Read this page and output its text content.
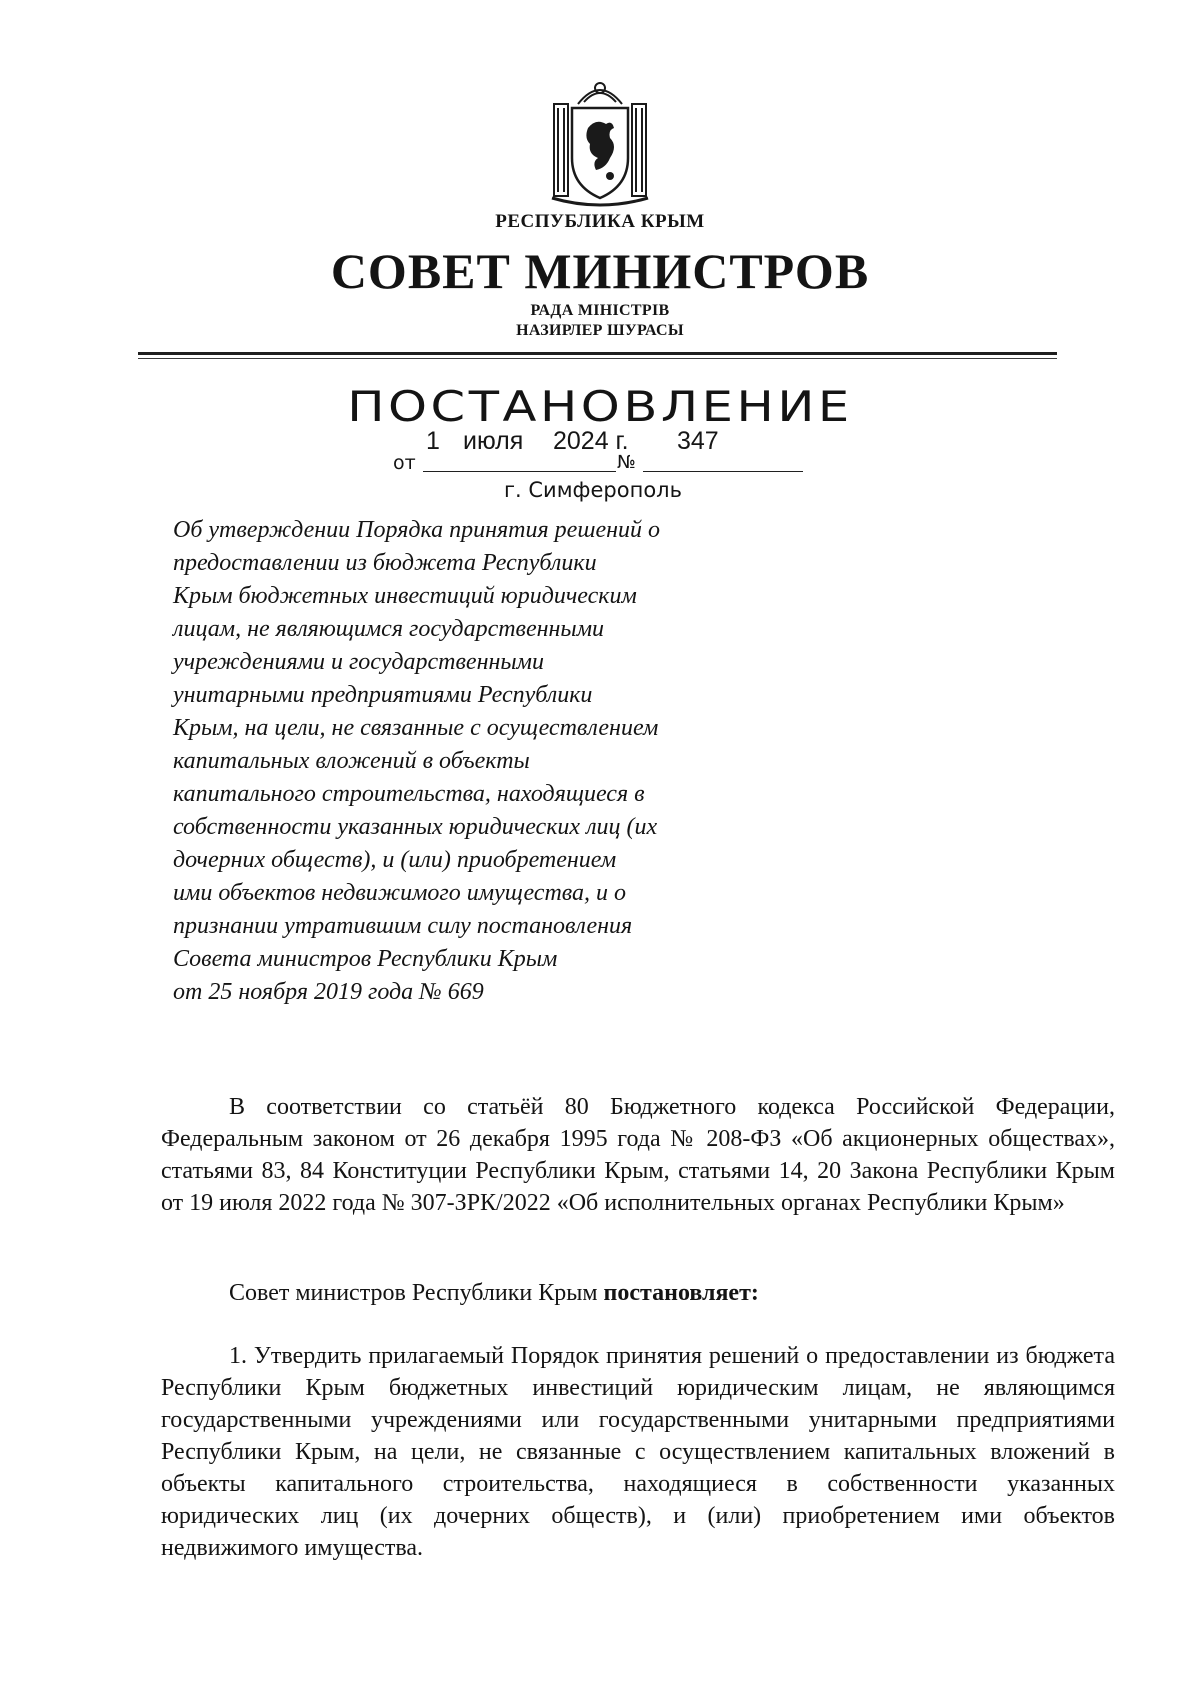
РЕСПУБЛИКА КРЫМ
СОВЕТ МИНИСТРОВ
РАДА МІНІСТРІВ
НАЗИРЛЕР ШУРАСЫ
ПОСТАНОВЛЕНИЕ
1 июля 2024 г. 347
от	№
г. Симферополь
Об утверждении Порядка принятия решений о
предоставлении из бюджета Республики
Крым бюджетных инвестиций юридическим
лицам, не являющимся государственными
учреждениями и государственными
унитарными предприятиями Республики
Крым, на цели, не связанные с осуществлением
капитальных вложений в объекты
капитального строительства, находящиеся в
собственности указанных юридических лиц (их
дочерних обществ), и (или) приобретением
ими объектов недвижимого имущества, и о
признании утратившим силу постановления
Совета министров Республики Крым
от 25 ноября 2019 года № 669

В соответствии со статьёй 80 Бюджетного кодекса Российской Федерации, Федеральным законом от 26 декабря 1995 года № 208-ФЗ «Об акционерных обществах», статьями 83, 84 Конституции Республики Крым, статьями 14, 20 Закона Республики Крым от 19 июля 2022 года № 307-ЗРК/2022 «Об исполнительных органах Республики Крым»

Совет министров Республики Крым постановляет:

1. Утвердить прилагаемый Порядок принятия решений о предоставлении из бюджета Республики Крым бюджетных инвестиций юридическим лицам, не являющимся государственными учреждениями или государственными унитарными предприятиями Республики Крым, на цели, не связанные с осуществлением капитальных вложений в объекты капитального строительства, находящиеся в собственности указанных юридических лиц (их дочерних обществ), и (или) приобретением ими объектов недвижимого имущества.
